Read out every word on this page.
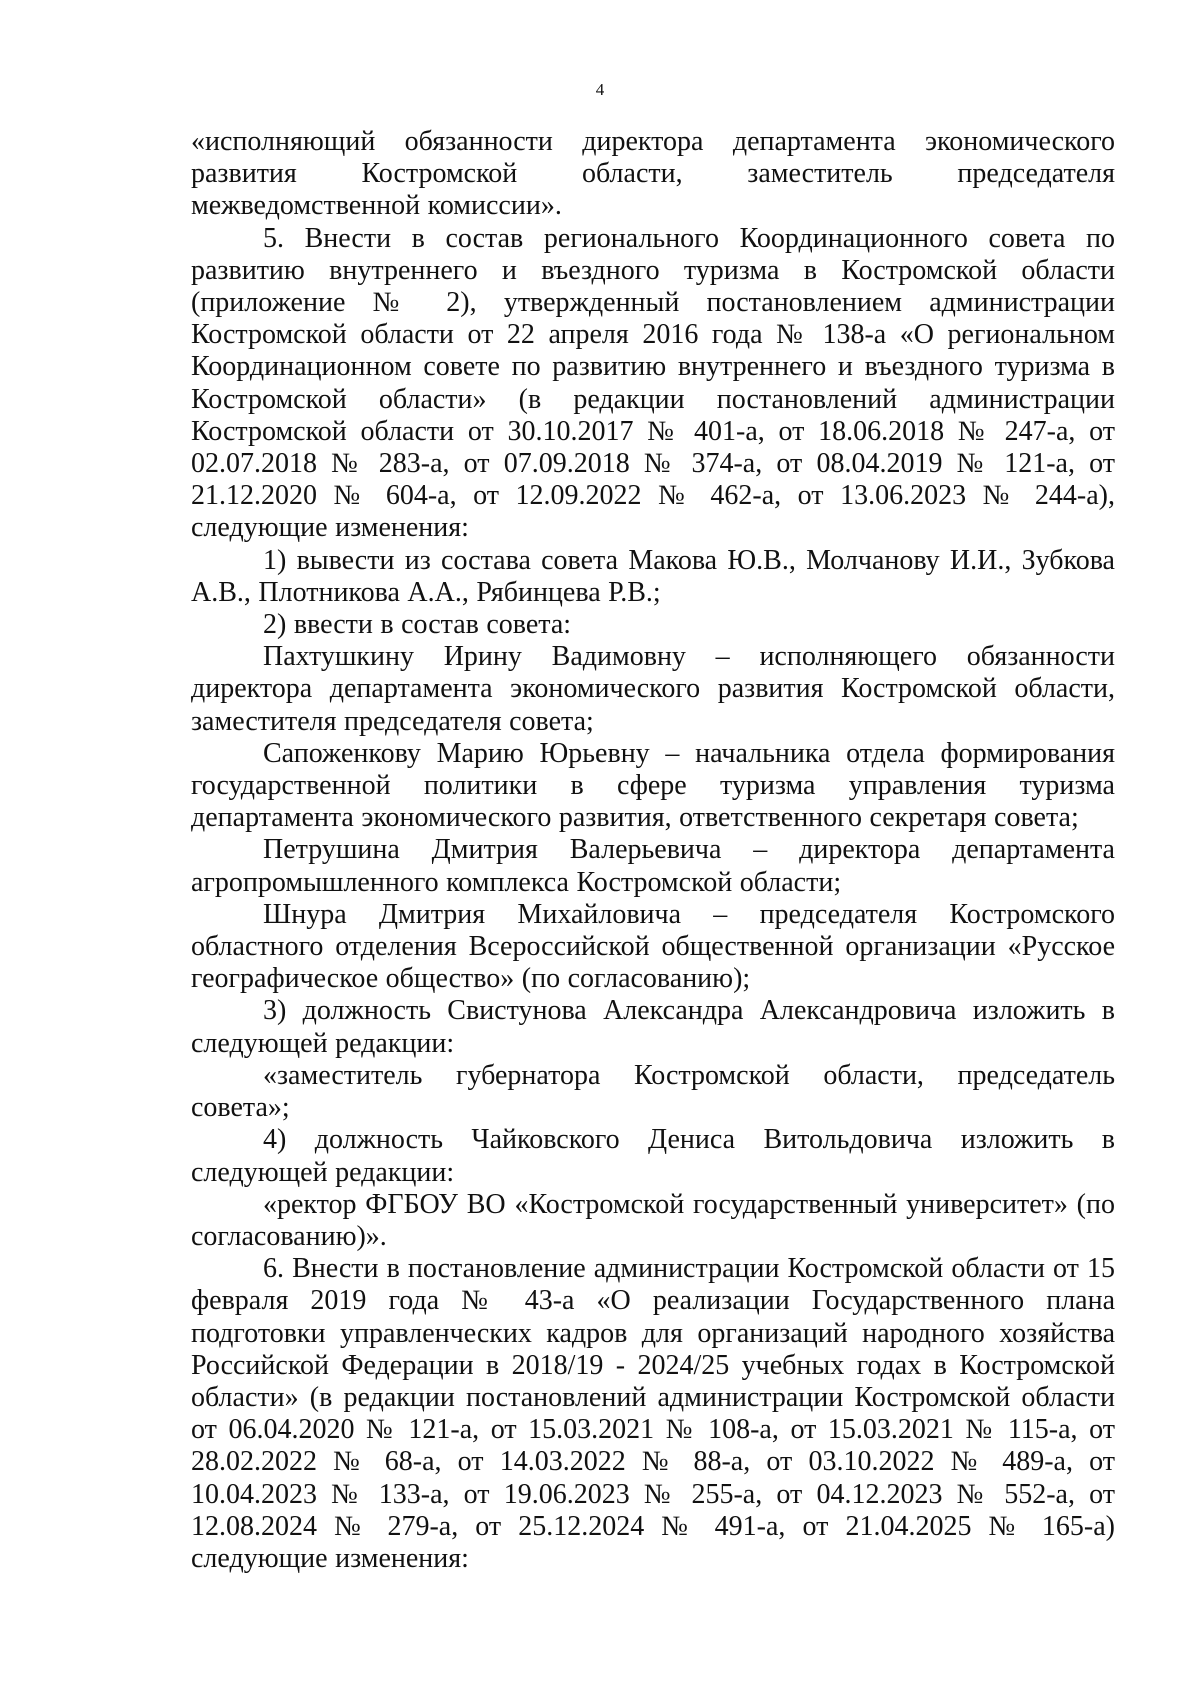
4

«исполняющий обязанности директора департамента экономического развития Костромской области, заместитель председателя межведомственной комиссии».

5. Внести в состав регионального Координационного совета по развитию внутреннего и въездного туризма в Костромской области (приложение № 2), утвержденный постановлением администрации Костромской области от 22 апреля 2016 года № 138-а «О региональном Координационном совете по развитию внутреннего и въездного туризма в Костромской области» (в редакции постановлений администрации Костромской области от 30.10.2017 № 401-а, от 18.06.2018 № 247-а, от 02.07.2018 № 283-а, от 07.09.2018 № 374-а, от 08.04.2019 № 121-а, от 21.12.2020 № 604-а, от 12.09.2022 № 462-а, от 13.06.2023 № 244-а), следующие изменения:

1) вывести из состава совета Макова Ю.В., Молчанову И.И., Зубкова А.В., Плотникова А.А., Рябинцева Р.В.;

2) ввести в состав совета:

Пахтушкину Ирину Вадимовну – исполняющего обязанности директора департамента экономического развития Костромской области, заместителя председателя совета;

Сапоженкову Марию Юрьевну – начальника отдела формирования государственной политики в сфере туризма управления туризма департамента экономического развития, ответственного секретаря совета;

Петрушина Дмитрия Валерьевича – директора департамента агропромышленного комплекса Костромской области;

Шнура Дмитрия Михайловича – председателя Костромского областного отделения Всероссийской общественной организации «Русское географическое общество» (по согласованию);

3) должность Свистунова Александра Александровича изложить в следующей редакции:

«заместитель губернатора Костромской области, председатель совета»;

4) должность Чайковского Дениса Витольдовича изложить в следующей редакции:

«ректор ФГБОУ ВО «Костромской государственный университет» (по согласованию)».

6. Внести в постановление администрации Костромской области от 15 февраля 2019 года № 43-а «О реализации Государственного плана подготовки управленческих кадров для организаций народного хозяйства Российской Федерации в 2018/19 - 2024/25 учебных годах в Костромской области» (в редакции постановлений администрации Костромской области от 06.04.2020 № 121-а, от 15.03.2021 № 108-а, от 15.03.2021 № 115-а, от 28.02.2022 № 68-а, от 14.03.2022 № 88-а, от 03.10.2022 № 489-а, от 10.04.2023 № 133-а, от 19.06.2023 № 255-а, от 04.12.2023 № 552-а, от 12.08.2024 № 279-а, от 25.12.2024 № 491-а, от 21.04.2025 № 165-а) следующие изменения:
